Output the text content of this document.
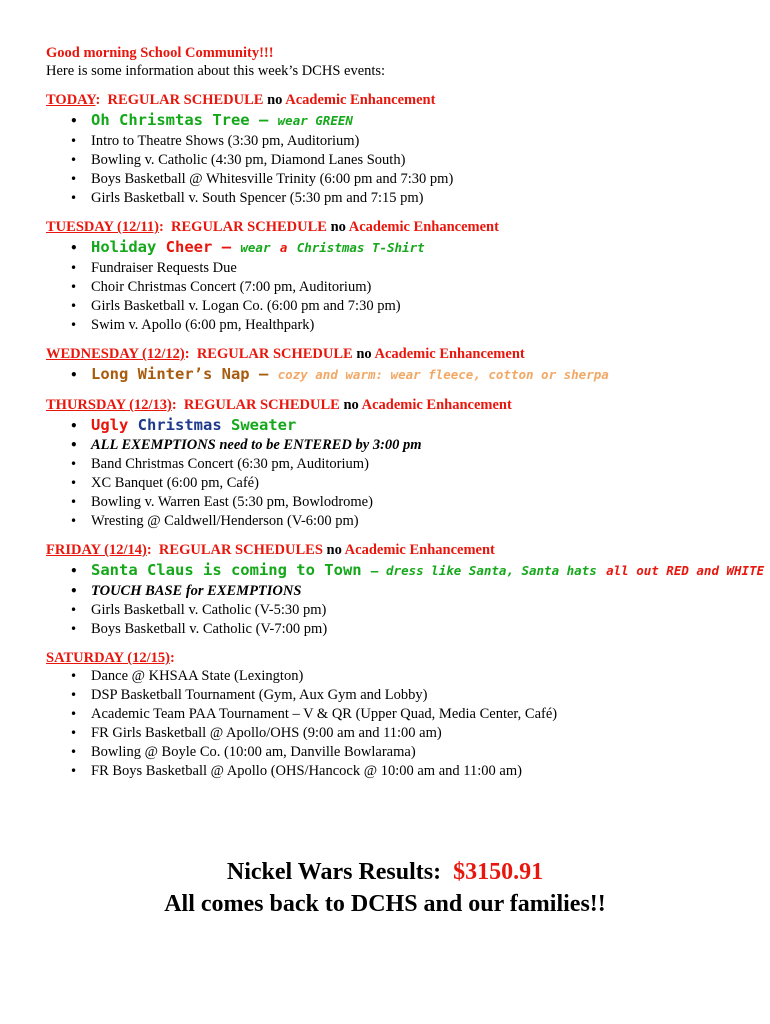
Good morning School Community!!!
Here is some information about this week’s DCHS events:
TODAY: REGULAR SCHEDULE no Academic Enhancement
• Oh Chrismtas Tree – wear GREEN
• Intro to Theatre Shows (3:30 pm, Auditorium)
• Bowling v. Catholic (4:30 pm, Diamond Lanes South)
• Boys Basketball @ Whitesville Trinity (6:00 pm and 7:30 pm)
• Girls Basketball v. South Spencer (5:30 pm and 7:15 pm)
TUESDAY (12/11): REGULAR SCHEDULE no Academic Enhancement
• Holiday Cheer – wear a Christmas T-Shirt
• Fundraiser Requests Due
• Choir Christmas Concert (7:00 pm, Auditorium)
• Girls Basketball v. Logan Co. (6:00 pm and 7:30 pm)
• Swim v. Apollo (6:00 pm, Healthpark)
WEDNESDAY (12/12): REGULAR SCHEDULE no Academic Enhancement
• Long Winter’s Nap – cozy and warm: wear fleece, cotton or sherpa
THURSDAY (12/13): REGULAR SCHEDULE no Academic Enhancement
• Ugly Christmas Sweater
• ALL EXEMPTIONS need to be ENTERED by 3:00 pm
• Band Christmas Concert (6:30 pm, Auditorium)
• XC Banquet (6:00 pm, Café)
• Bowling v. Warren East (5:30 pm, Bowlodrome)
• Wresting @ Caldwell/Henderson (V-6:00 pm)
FRIDAY (12/14): REGULAR SCHEDULES no Academic Enhancement
• Santa Claus is coming to Town – dress like Santa, Santa hats all out RED and WHITE
• TOUCH BASE for EXEMPTIONS
• Girls Basketball v. Catholic (V-5:30 pm)
• Boys Basketball v. Catholic (V-7:00 pm)
SATURDAY (12/15):
• Dance @ KHSAA State (Lexington)
• DSP Basketball Tournament (Gym, Aux Gym and Lobby)
• Academic Team PAA Tournament – V & QR (Upper Quad, Media Center, Café)
• FR Girls Basketball @ Apollo/OHS (9:00 am and 11:00 am)
• Bowling @ Boyle Co. (10:00 am, Danville Bowlarama)
• FR Boys Basketball @ Apollo (OHS/Hancock @ 10:00 am and 11:00 am)
Nickel Wars Results: $3150.91
All comes back to DCHS and our families!!
